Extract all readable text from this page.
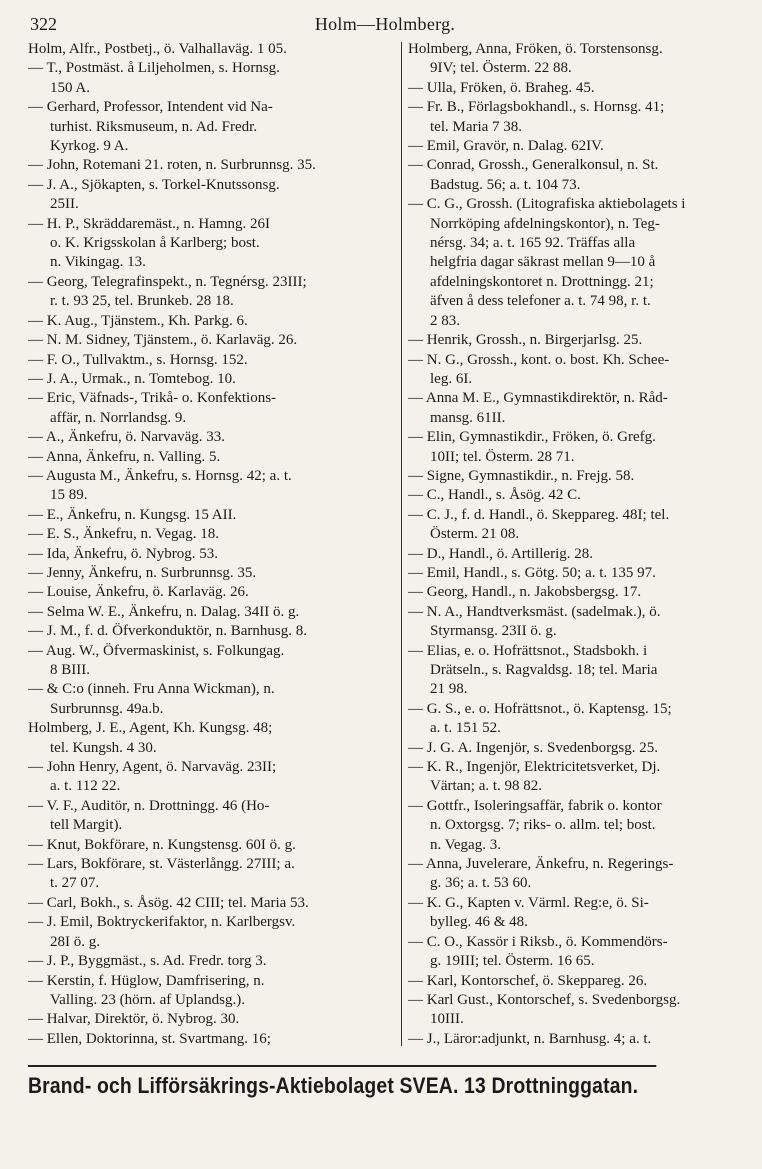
322	Holm—Holmberg.
Holm, Alfr., Postbetj., ö. Valhallaväg. 1 05.
— T., Postmäst. å Liljeholmen, s. Hornsg.
150 A.
— Gerhard, Professor, Intendent vid Na-
turhist. Riksmuseum, n. Ad. Fredr.
Kyrkog. 9 A.
— John, Rotemani 21. roten, n. Surbrunnsg. 35.
— J. A., Sjökapten, s. Torkel-Knutssonsg.
25II.
— H. P., Skräddaremäst., n. Hamng. 26I
o. K. Krigsskolan å Karlberg; bost.
n. Vikingag. 13.
— Georg, Telegrafinspekt., n. Tegnérsg. 23III;
r. t. 93 25, tel. Brunkeb. 28 18.
— K. Aug., Tjänstem., Kh. Parkg. 6.
— N. M. Sidney, Tjänstem., ö. Karlaväg. 26.
— F. O., Tullvaktm., s. Hornsg. 152.
— J. A., Urmak., n. Tomtebog. 10.
— Eric, Väfnads-, Trikå- o. Konfektions-
affär, n. Norrlandsg. 9.
— A., Änkefru, ö. Narvaväg. 33.
— Anna, Änkefru, n. Valling. 5.
— Augusta M., Änkefru, s. Hornsg. 42; a. t.
15 89.
— E., Änkefru, n. Kungsg. 15 AII.
— E. S., Änkefru, n. Vegag. 18.
— Ida, Änkefru, ö. Nybrog. 53.
— Jenny, Änkefru, n. Surbrunnsg. 35.
— Louise, Änkefru, ö. Karlaväg. 26.
— Selma W. E., Änkefru, n. Dalag. 34II ö. g.
— J. M., f. d. Öfverkonduktör, n. Barnhusg. 8.
— Aug. W., Öfvermaskinist, s. Folkungag.
8 BIII.
— & C:o (inneh. Fru Anna Wickman), n.
Surbrunnsg. 49a.b.
Holmberg, J. E., Agent, Kh. Kungsg. 48;
tel. Kungsh. 4 30.
— John Henry, Agent, ö. Narvaväg. 23II;
a. t. 112 22.
— V. F., Auditör, n. Drottningg. 46 (Ho-
tell Margit).
— Knut, Bokförare, n. Kungstensg. 60I ö. g.
— Lars, Bokförare, st. Västerlångg. 27III; a.
t. 27 07.
— Carl, Bokh., s. Åsög. 42 CIII; tel. Maria 53.
— J. Emil, Boktryckerifaktor, n. Karlbergsv.
28I ö. g.
— J. P., Byggmäst., s. Ad. Fredr. torg 3.
— Kerstin, f. Hüglow, Damfrisering, n.
Valling. 23 (hörn. af Uplandsg.).
— Halvar, Direktör, ö. Nybrog. 30.
— Ellen, Doktorinna, st. Svartmang. 16;
Holmberg, Anna, Fröken, ö. Torstensonsg.
9IV; tel. Österm. 22 88.
— Ulla, Fröken, ö. Braheg. 45.
— Fr. B., Förlagsbokhandl., s. Hornsg. 41;
tel. Maria 7 38.
— Emil, Gravör, n. Dalag. 62IV.
— Conrad, Grossh., Generalkonsul, n. St.
Badstug. 56; a. t. 104 73.
— C. G., Grossh. (Litografiska aktiebolagets i
Norrköping afdelningskontor), n. Teg-
nérsg. 34; a. t. 165 92. Träffas alla
helgfria dagar säkrast mellan 9—10 å
afdelningskontoret n. Drottningg. 21;
äfven å dess telefoner a. t. 74 98, r. t.
2 83.
— Henrik, Grossh., n. Birgerjarlsg. 25.
— N. G., Grossh., kont. o. bost. Kh. Schee-
leg. 6I.
— Anna M. E., Gymnastikdirektör, n. Råd-
mansg. 61II.
— Elin, Gymnastikdir., Fröken, ö. Grefg.
10II; tel. Österm. 28 71.
— Signe, Gymnastikdir., n. Frejg. 58.
— C., Handl., s. Åsög. 42 C.
— C. J., f. d. Handl., ö. Skeppareg. 48I; tel.
Österm. 21 08.
— D., Handl., ö. Artillerig. 28.
— Emil, Handl., s. Götg. 50; a. t. 135 97.
— Georg, Handl., n. Jakobsbergsg. 17.
— N. A., Handtverksmäst. (sadelmak.), ö.
Styrmansg. 23II ö. g.
— Elias, e. o. Hofrättsnot., Stadsbokh. i
Drätseln., s. Ragvaldsg. 18; tel. Maria
21 98.
— G. S., e. o. Hofrättsnot., ö. Kaptensg. 15;
a. t. 151 52.
— J. G. A. Ingenjör, s. Svedenborgsg. 25.
— K. R., Ingenjör, Elektricitetsverket, Dj.
Värtan; a. t. 98 82.
— Gottfr., Isoleringsaffär, fabrik o. kontor
n. Oxtorgsg. 7; riks- o. allm. tel; bost.
n. Vegag. 3.
— Anna, Juvelerare, Änkefru, n. Regerings-
g. 36; a. t. 53 60.
— K. G., Kapten v. Värml. Reg:e, ö. Si-
bylleg. 46 & 48.
— C. O., Kassör i Riksb., ö. Kommendörs-
g. 19III; tel. Österm. 16 65.
— Karl, Kontorschef, ö. Skeppareg. 26.
— Karl Gust., Kontorschef, s. Svedenborgsg.
10III.
— J., Läror:adjunkt, n. Barnhusg. 4; a. t.
Brand- och Lifförsäkrings-Aktiebolaget SVEA. 13 Drottninggatan.
